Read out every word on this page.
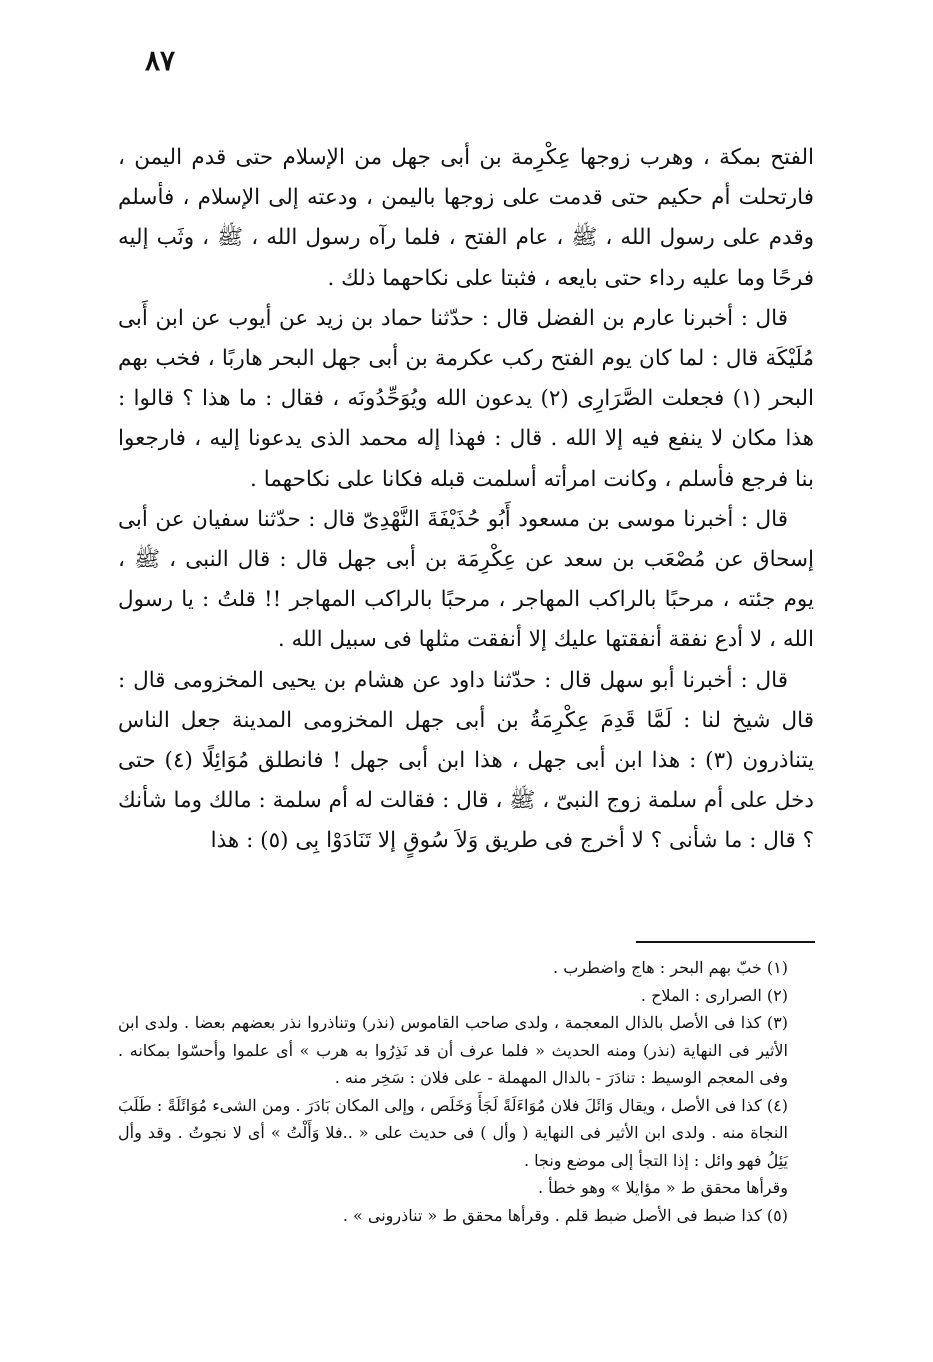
٨٧

الفتح بمكة ، وهرب زوجها عِكْرِمة بن أبى جهل من الإسلام حتى قدم اليمن ، فارتحلت أم حكيم حتى قدمت على زوجها باليمن ، ودعته إلى الإسلام ، فأسلم وقدم على رسول الله ، ﷺ ، عام الفتح ، فلما رآه رسول الله ، ﷺ ، وثَب إليه فرحًا وما عليه رداء حتى بايعه ، فثبتا على نكاحهما ذلك .

قال : أخبرنا عارم بن الفضل قال : حدّثنا حماد بن زيد عن أيوب عن ابن أَبى مُلَيْكَة قال : لما كان يوم الفتح ركب عكرمة بن أبى جهل البحر هاربًا ، فخب بهم البحر (١) فجعلت الصَّرَارِى (٢) يدعون الله ويُوَحِّدُونَه ، فقال : ما هذا ؟ قالوا : هذا مكان لا ينفع فيه إلا الله . قال : فهذا إله محمد الذى يدعونا إليه ، فارجعوا بنا فرجع فأسلم ، وكانت امرأته أسلمت قبله فكانا على نكاحهما .

قال : أخبرنا موسى بن مسعود أَبُو حُذَيْفَةَ النَّهْدِىّ قال : حدّثنا سفيان عن أبى إسحاق عن مُصْعَب بن سعد عن عِكْرِمَة بن أبى جهل قال : قال النبى ، ﷺ ، يوم جئته ، مرحبًا بالراكب المهاجر ، مرحبًا بالراكب المهاجر !! قلتُ : يا رسول الله ، لا أدع نفقة أنفقتها عليك إلا أنفقت مثلها فى سبيل الله .

قال : أخبرنا أبو سهل قال : حدّثنا داود عن هشام بن يحيى المخزومى قال : قال شيخ لنا : لَمَّا قَدِمَ عِكْرِمَةُ بن أبى جهل المخزومى المدينة جعل الناس يتناذرون (٣) : هذا ابن أبى جهل ، هذا ابن أبى جهل ! فانطلق مُوَائِلًا (٤) حتى دخل على أم سلمة زوج النبىّ ، ﷺ ، قال : فقالت له أم سلمة : مالك وما شأنك ؟ قال : ما شأنى ؟ لا أخرج فى طريق وَلاَ سُوقٍ إلا تَنَادَوْا بِى (٥) : هذا

(١) خبّ بهم البحر : هاج واضطرب .

(٢) الصرارى : الملاح .

(٣) كذا فى الأصل بالذال المعجمة ، ولدى صاحب القاموس (نذر) وتناذروا نذر بعضهم بعضا . ولدى ابن الأثير فى النهاية (نذر) ومنه الحديث « فلما عرف أن قد نَذِرُوا به هرب » أى علموا وأحسّوا بمكانه . وفى المعجم الوسيط : تنادَرَ - بالدال المهملة - على فلان : سَخِر منه .

(٤) كذا فى الأصل ، ويقال وَائَلَ فلان مُوَاءَلَةً لَجَأَ وَخَلَص ، وإلى المكان بَادَرَ . ومن الشىء مُوَائَلَةً : طَلَبَ النجاة منه . ولدى ابن الأثير فى النهاية ( وأل ) فى حديث على « ..فلا وَأَلْتُ » أى لا نجوتُ . وقد وأل يَئِلُ فهو وائل : إذا التجأ إلى موضع ونجا .

وقرأها محقق ط « مؤايلا » وهو خطأ .

(٥) كذا ضبط فى الأصل ضبط قلم . وقرأها محقق ط « تناذرونى » .
